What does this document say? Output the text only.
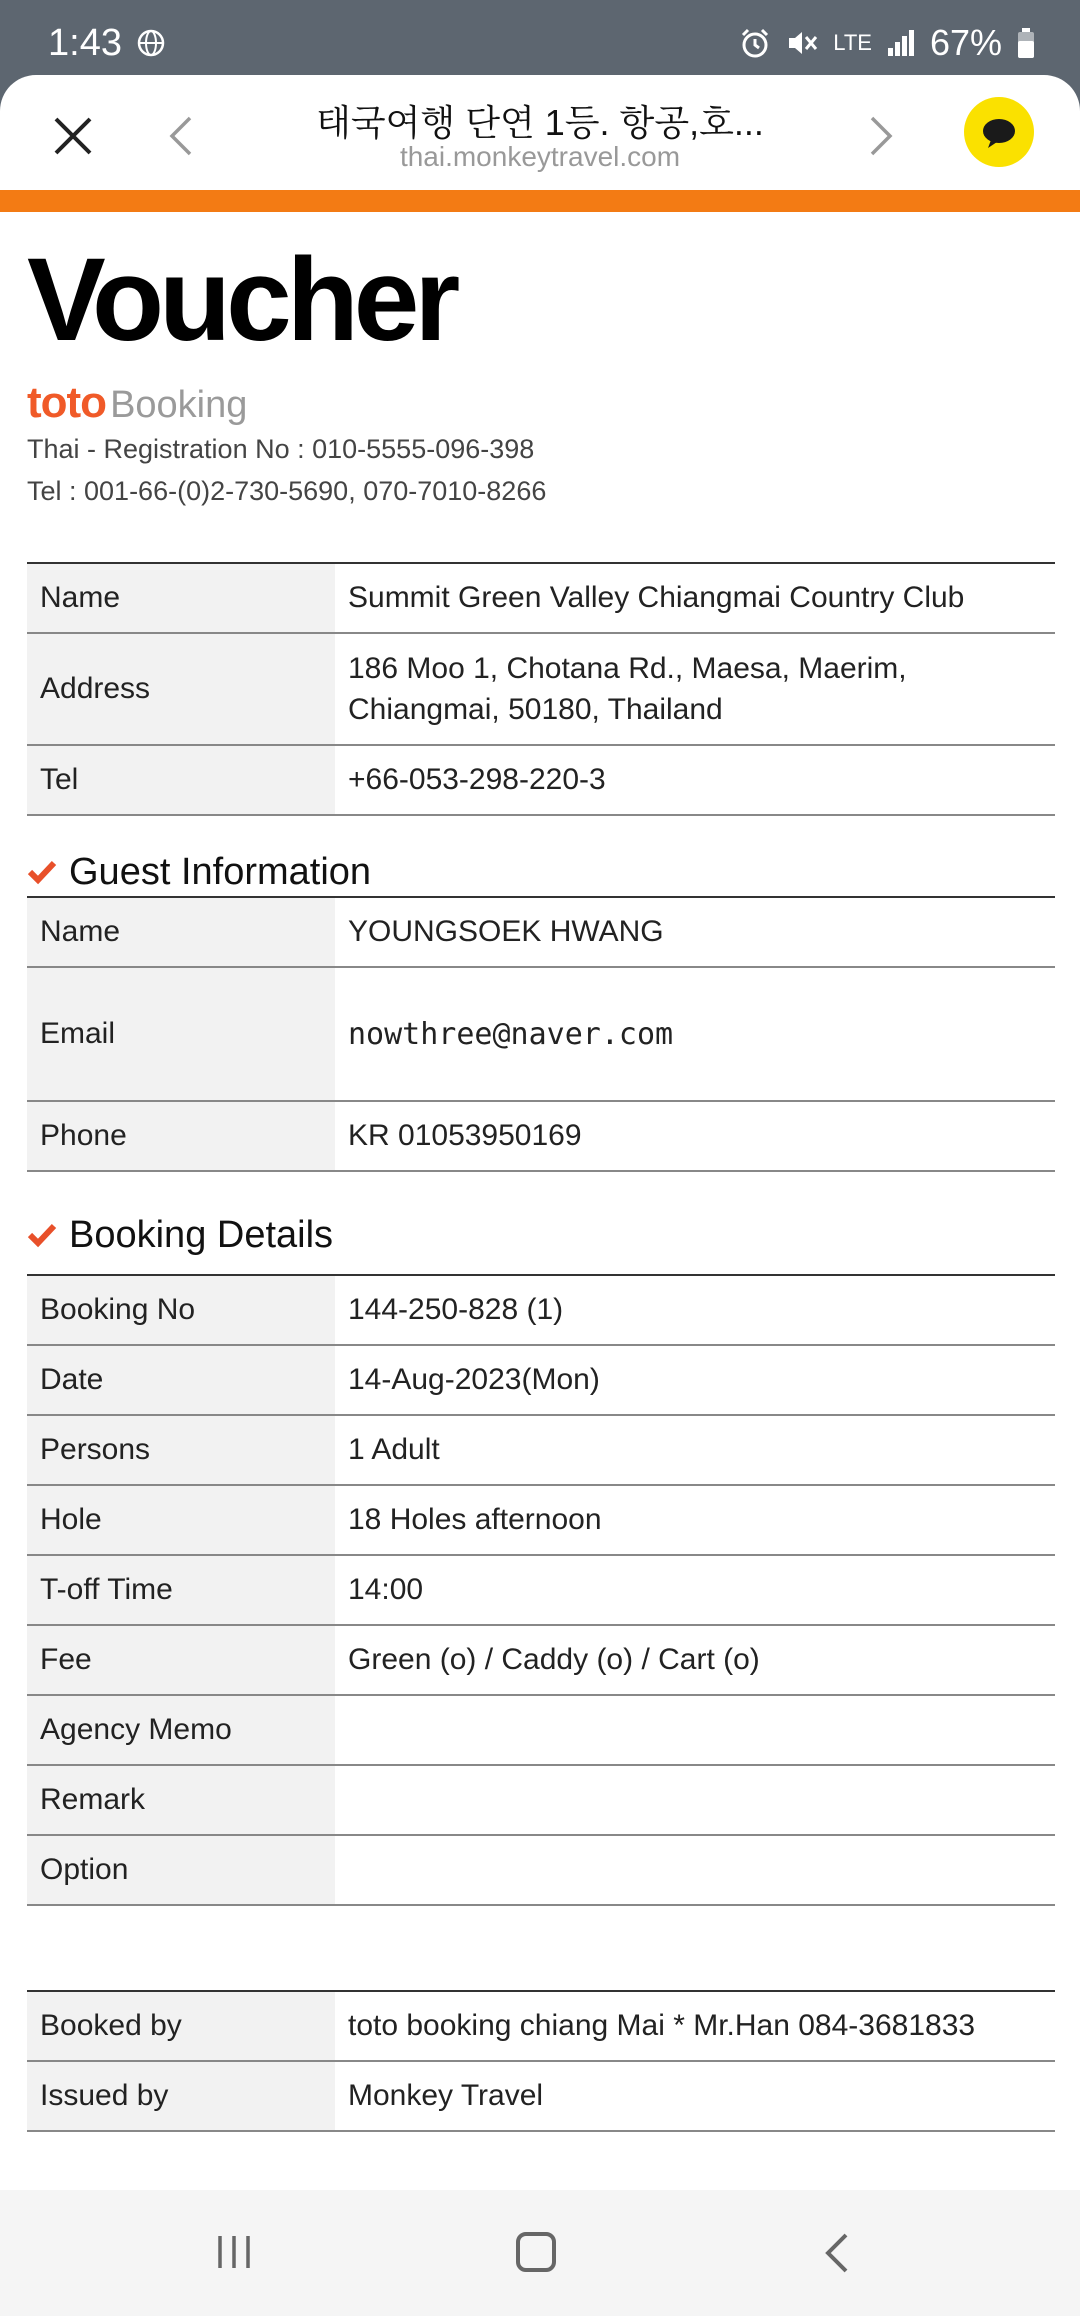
1:43	LTE 67%
태국여행 단연 1등. 항공,호...
thai.monkeytravel.com
Voucher
toto Booking
Thai - Registration No : 010-5555-096-398
Tel : 001-66-(0)2-730-5690, 070-7010-8266
Name	Summit Green Valley Chiangmai Country Club
Address	186 Moo 1, Chotana Rd., Maesa, Maerim,
Chiangmai, 50180, Thailand

Tel	+66-053-298-220-3
Guest Information
Name	YOUNGSOEK HWANG
Email	nowthree@naver.com
Phone	KR 01053950169
Booking Details
Booking No	144-250-828 (1)
Date	14-Aug-2023(Mon)
Persons	1 Adult
Hole	18 Holes afternoon
T-off Time	14:00
Fee	Green (o) / Caddy (o) / Cart (o)
Agency Memo	
Remark	
Option	
Booked by	toto booking chiang Mai * Mr.Han 084-3681833
Issued by	Monkey Travel
